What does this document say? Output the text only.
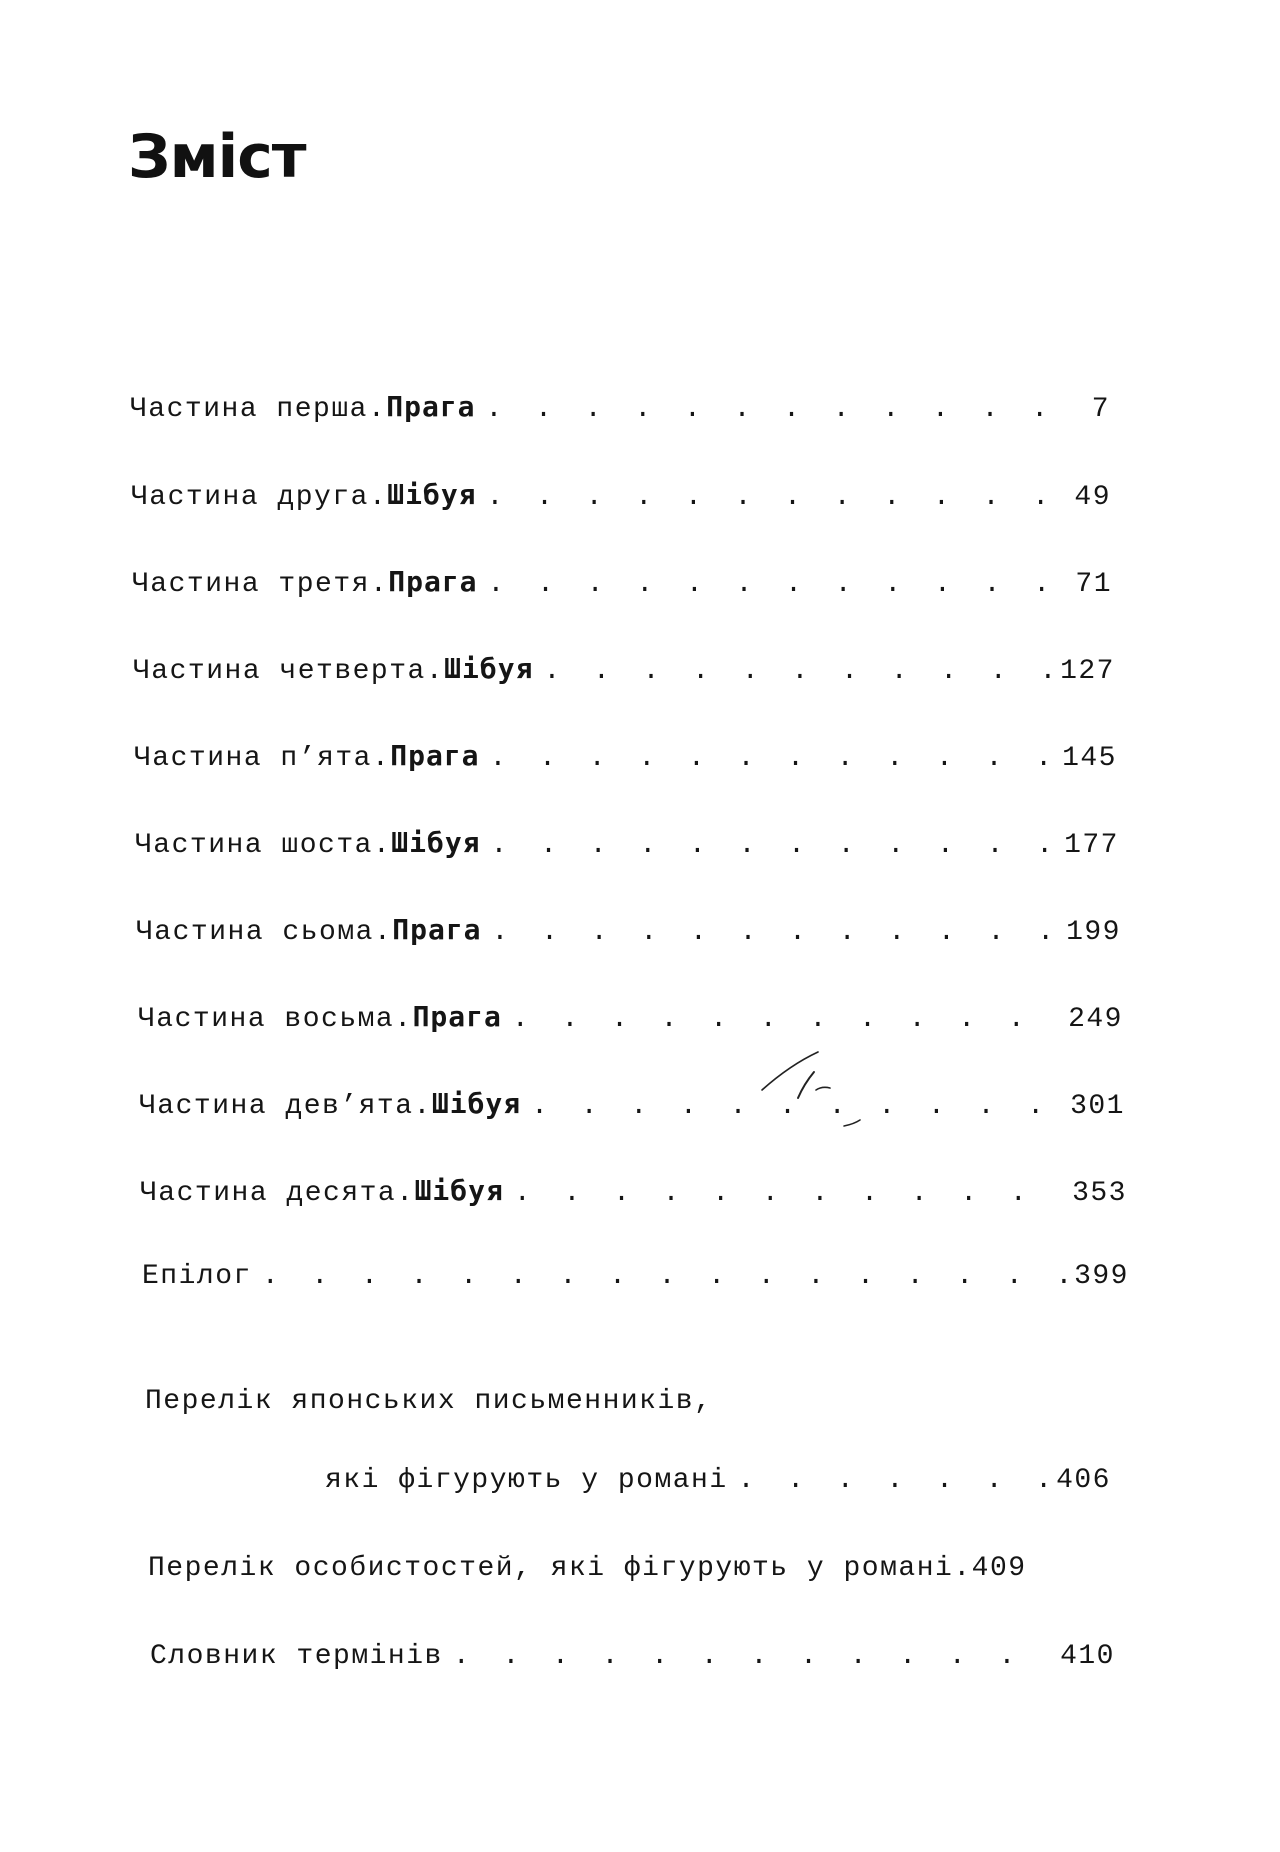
Зміст
Частина перша . Прага . . .	7
Частина друга . Шібуя . . .	49
Частина третя . Прага . . .	71
Частина четверта . Шібуя . . .	127
Частина п’ята . Прага . . .	145
Частина шоста . Шібуя . . .	177
Частина сьома . Прага . . .	199
Частина восьма . Прага . . .	249
Частина дев’ята . Шібуя . . .	301
Частина десята . Шібуя . . .	353
Епілог . . .	399
Перелік японських письменників,
які фігурують у романі . . .	406
Перелік особистостей, які фігурують у романі . 409
Словник термінів . . .	410
